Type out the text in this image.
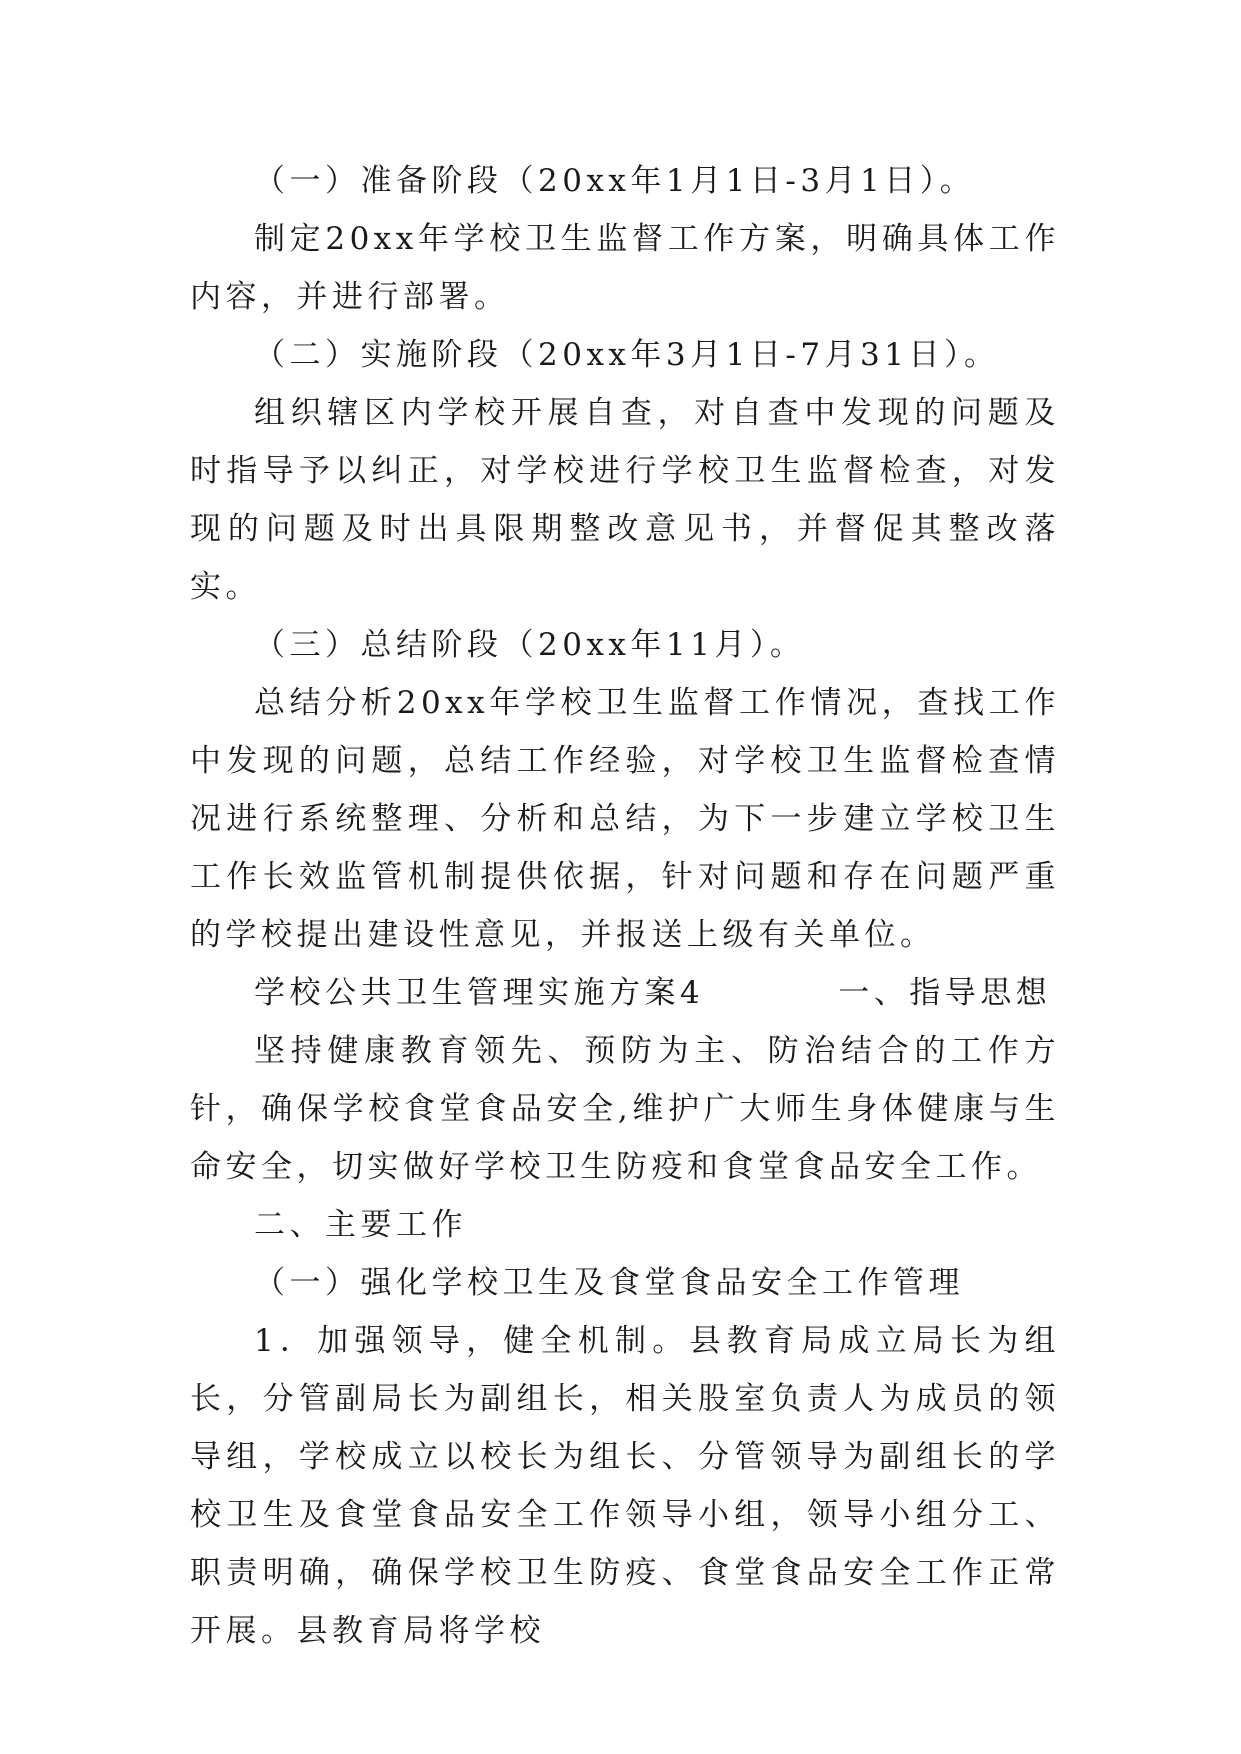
（一）准备阶段（20xx年1月1日-3月1日）。

制定20xx年学校卫生监督工作方案，明确具体工作内容，并进行部署。

（二）实施阶段（20xx年3月1日-7月31日）。

组织辖区内学校开展自查，对自查中发现的问题及时指导予以纠正，对学校进行学校卫生监督检查，对发现的问题及时出具限期整改意见书，并督促其整改落实。

（三）总结阶段（20xx年11月）。

总结分析20xx年学校卫生监督工作情况，查找工作中发现的问题，总结工作经验，对学校卫生监督检查情况进行系统整理、分析和总结，为下一步建立学校卫生工作长效监管机制提供依据，针对问题和存在问题严重的学校提出建设性意见，并报送上级有关单位。

学校公共卫生管理实施方案4	一、指导思想

坚持健康教育领先、预防为主、防治结合的工作方针，确保学校食堂食品安全,维护广大师生身体健康与生命安全，切实做好学校卫生防疫和食堂食品安全工作。

二、主要工作

（一）强化学校卫生及食堂食品安全工作管理

1．加强领导，健全机制。县教育局成立局长为组长，分管副局长为副组长，相关股室负责人为成员的领导组，学校成立以校长为组长、分管领导为副组长的学校卫生及食堂食品安全工作领导小组，领导小组分工、职责明确，确保学校卫生防疫、食堂食品安全工作正常开展。县教育局将学校
